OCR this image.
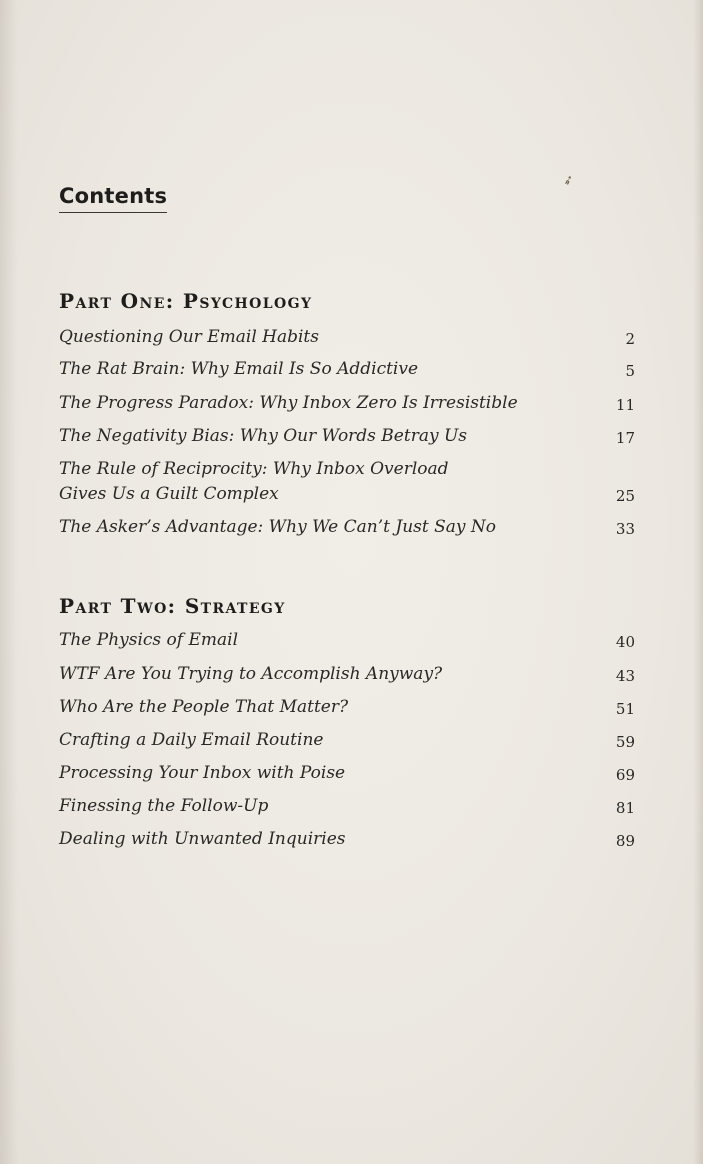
➶
Contents
Part One: Psychology
Questioning Our Email Habits	2
The Rat Brain: Why Email Is So Addictive	5
The Progress Paradox: Why Inbox Zero Is Irresistible	11
The Negativity Bias: Why Our Words Betray Us	17
The Rule of Reciprocity: Why Inbox Overload
Gives Us a Guilt Complex	25
The Asker’s Advantage: Why We Can’t Just Say No	33
Part Two: Strategy
The Physics of Email	40
WTF Are You Trying to Accomplish Anyway?	43
Who Are the People That Matter?	51
Crafting a Daily Email Routine	59
Processing Your Inbox with Poise	69
Finessing the Follow-Up	81
Dealing with Unwanted Inquiries	89
